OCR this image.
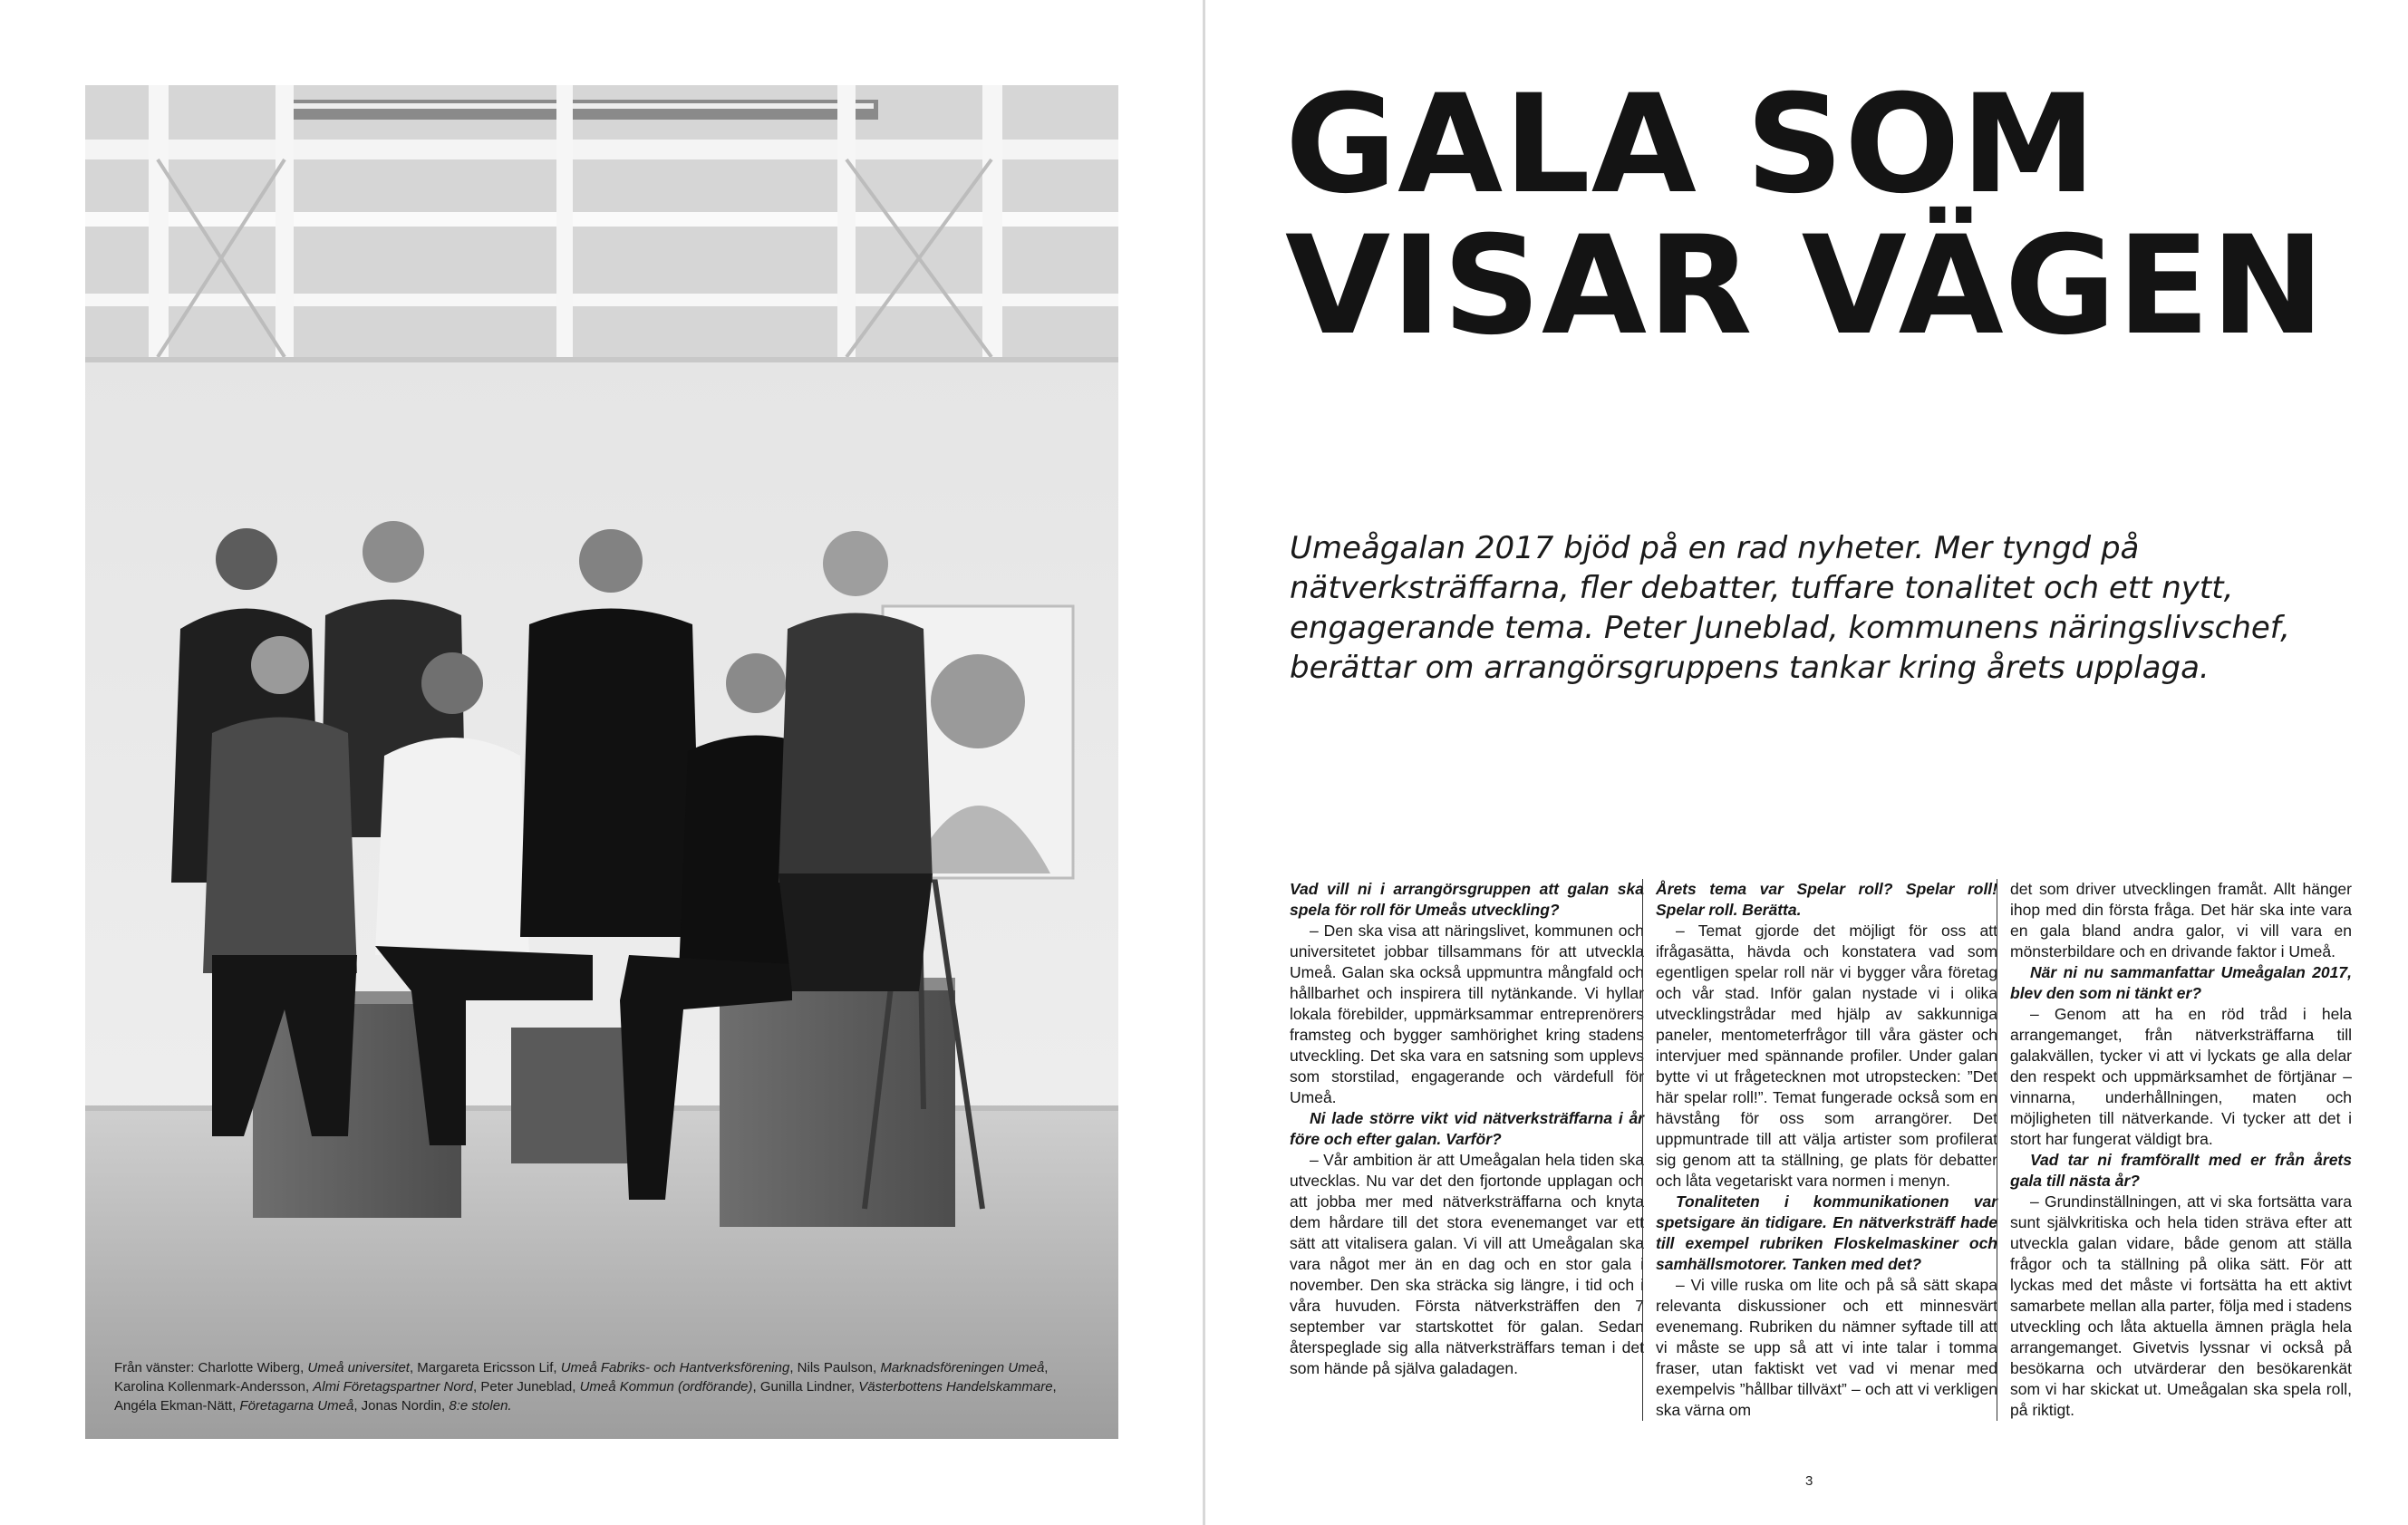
Från vänster: Charlotte Wiberg, Umeå universitet, Margareta Ericsson Lif, Umeå Fabriks- och Hantverksförening, Nils Paulson, Marknadsföreningen Umeå, Karolina Kollenmark-Andersson, Almi Företagspartner Nord, Peter Juneblad, Umeå Kommun (ordförande), Gunilla Lindner, Västerbottens Handelskammare, Angéla Ekman-Nätt, Företagarna Umeå, Jonas Nordin, 8:e stolen.

GALA SOM
VISAR VÄGEN

Umeågalan 2017 bjöd på en rad nyheter. Mer tyngd på nätverksträffarna, fler debatter, tuffare tonalitet och ett nytt, engagerande tema. Peter Juneblad, kommunens näringslivschef, berättar om arrangörsgruppens tankar kring årets upplaga.

Vad vill ni i arrangörsgruppen att galan ska spela för roll för Umeås utveckling?

– Den ska visa att näringslivet, kommunen och universitetet jobbar tillsammans för att utveckla Umeå. Galan ska också uppmuntra mångfald och hållbarhet och inspirera till nytänkande. Vi hyllar lokala förebilder, uppmärksammar entreprenörers framsteg och bygger samhörighet kring stadens utveckling. Det ska vara en satsning som upplevs som storstilad, engagerande och värdefull för Umeå.

Ni lade större vikt vid nätverksträffarna i år före och efter galan. Varför?

– Vår ambition är att Umeågalan hela tiden ska utvecklas. Nu var det den fjortonde upplagan och att jobba mer med nätverksträffarna och knyta dem hårdare till det stora evenemanget var ett sätt att vitalisera galan. Vi vill att Umeågalan ska vara något mer än en dag och en stor gala i november. Den ska sträcka sig längre, i tid och i våra huvuden. Första nätverksträffen den 7 september var startskottet för galan. Sedan återspeglade sig alla nätverksträffars teman i det som hände på själva galadagen.

Årets tema var Spelar roll? Spelar roll! Spelar roll. Berätta.

– Temat gjorde det möjligt för oss att ifrågasätta, hävda och konstatera vad som egentligen spelar roll när vi bygger våra företag och vår stad. Inför galan nystade vi i olika utvecklingstrådar med hjälp av sakkunniga paneler, mentometerfrågor till våra gäster och intervjuer med spännande profiler. Under galan bytte vi ut frågetecknen mot utropstecken: ”Det här spelar roll!”. Temat fungerade också som en hävstång för oss som arrangörer. Det uppmuntrade till att välja artister som profilerat sig genom att ta ställning, ge plats för debatter och låta vegetariskt vara normen i menyn.

Tonaliteten i kommunikationen var spetsigare än tidigare. En nätverksträff hade till exempel rubriken Floskelmaskiner och samhällsmotorer. Tanken med det?

– Vi ville ruska om lite och på så sätt skapa relevanta diskussioner och ett minnesvärt evenemang. Rubriken du nämner syftade till att vi måste se upp så att vi inte talar i tomma fraser, utan faktiskt vet vad vi menar med exempelvis ”hållbar tillväxt” – och att vi verkligen ska värna om

det som driver utvecklingen framåt. Allt hänger ihop med din första fråga. Det här ska inte vara en gala bland andra galor, vi vill vara en mönsterbildare och en drivande faktor i Umeå.

När ni nu sammanfattar Umeågalan 2017, blev den som ni tänkt er?

– Genom att ha en röd tråd i hela arrangemanget, från nätverksträffarna till galakvällen, tycker vi att vi lyckats ge alla delar den respekt och uppmärksamhet de förtjänar – vinnarna, underhållningen, maten och möjligheten till nätverkande. Vi tycker att det i stort har fungerat väldigt bra.

Vad tar ni framförallt med er från årets gala till nästa år?

– Grundinställningen, att vi ska fortsätta vara sunt självkritiska och hela tiden sträva efter att utveckla galan vidare, både genom att ställa frågor och ta ställning på olika sätt. För att lyckas med det måste vi fortsätta ha ett aktivt samarbete mellan alla parter, följa med i stadens utveckling och låta aktuella ämnen prägla hela arrangemanget. Givetvis lyssnar vi också på besökarna och utvärderar den besökarenkät som vi har skickat ut. Umeågalan ska spela roll, på riktigt.

3
